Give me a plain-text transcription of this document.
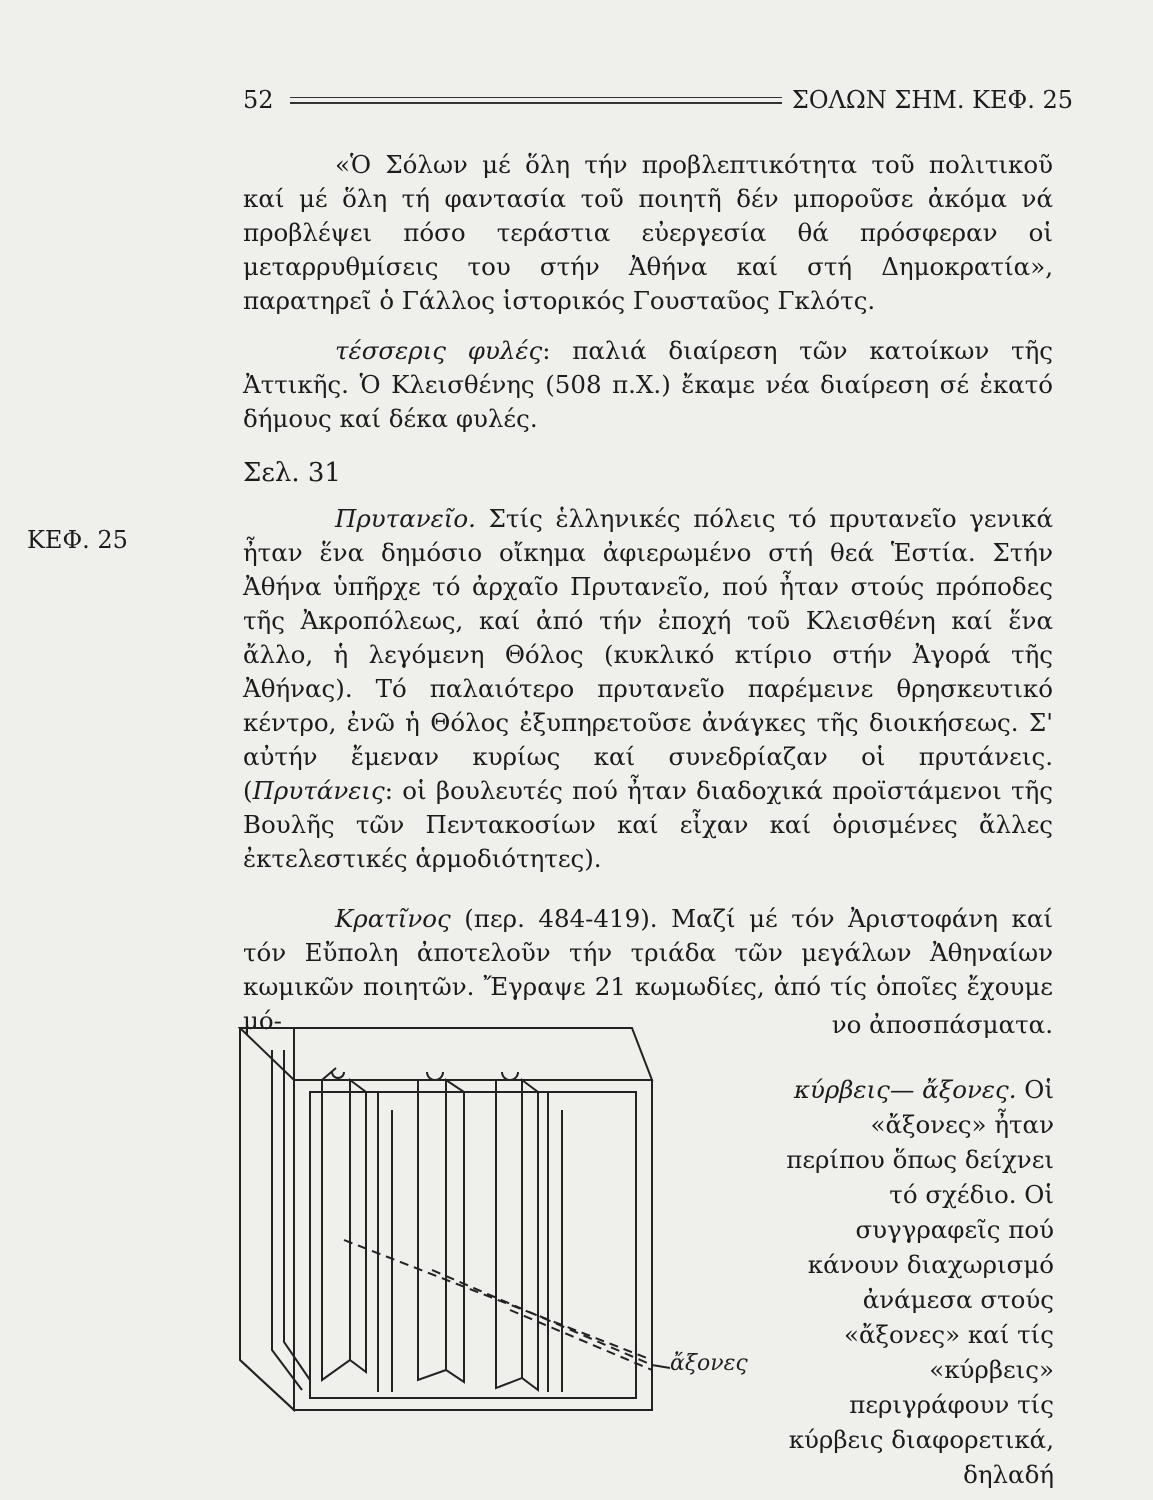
52	ΣΟΛΩΝ ΣΗΜ. ΚΕΦ. 25

«Ὁ Σόλων μέ ὅλη τήν προβλεπτικότητα τοῦ πολιτικοῦ καί μέ ὅλη τή φαντασία τοῦ ποιητῆ δέν μποροῦσε ἀκόμα νά προβλέψει πόσο τεράστια εὐεργεσία θά πρόσφεραν οἱ μεταρρυθμίσεις του στήν Ἀθήνα καί στή Δημοκρατία», παρατηρεῖ ὁ Γάλλος ἱστορικός Γουσταῦος Γκλότς.

τέσσερις φυλές: παλιά διαίρεση τῶν κατοίκων τῆς Ἀττικῆς. Ὁ Κλεισθένης (508 π.Χ.) ἔκαμε νέα διαίρεση σέ ἑκατό δήμους καί δέκα φυλές.

Σελ. 31
ΚΕΦ. 25

Πρυτανεῖο. Στίς ἑλληνικές πόλεις τό πρυτανεῖο γενικά ἦταν ἕνα δημόσιο οἴκημα ἀφιερωμένο στή θεά Ἑστία. Στήν Ἀθήνα ὑπῆρχε τό ἀρχαῖο Πρυτανεῖο, πού ἦταν στούς πρόποδες τῆς Ἀκροπόλεως, καί ἀπό τήν ἐποχή τοῦ Κλεισθένη καί ἕνα ἄλλο, ἡ λεγόμενη Θόλος (κυκλικό κτίριο στήν Ἀγορά τῆς Ἀθήνας). Τό παλαιότερο πρυτανεῖο παρέμεινε θρησκευτικό κέντρο, ἐνῶ ἡ Θόλος ἐξυπηρετοῦσε ἀνάγκες τῆς διοικήσεως. Σ' αὐτήν ἔμεναν κυρίως καί συνεδρίαζαν οἱ πρυτάνεις. (Πρυτάνεις: οἱ βουλευτές πού ἦταν διαδοχικά προϊστάμενοι τῆς Βουλῆς τῶν Πεντακοσίων καί εἶχαν καί ὁρισμένες ἄλλες ἐκτελεστικές ἁρμοδιότητες).

Κρατῖνος (περ. 484-419). Μαζί μέ τόν Ἀριστοφάνη καί τόν Εὔπολη ἀποτελοῦν τήν τριάδα τῶν μεγάλων Ἀθηναίων κωμικῶν ποιητῶν. Ἔγραψε 21 κωμωδίες, ἀπό τίς ὁποῖες ἔχουμε μό-	νο ἀποσπάσματα.
ἄξονες

κύρβεις— ἄξονες. Οἱ «ἄξονες» ἦταν περίπου ὅπως δείχνει τό σχέδιο. Οἱ συγγραφεῖς πού κάνουν διαχωρισμό ἀνάμεσα στούς «ἄξονες» καί τίς «κύρβεις» περιγράφουν τίς κύρβεις διαφορετικά, δηλαδή
